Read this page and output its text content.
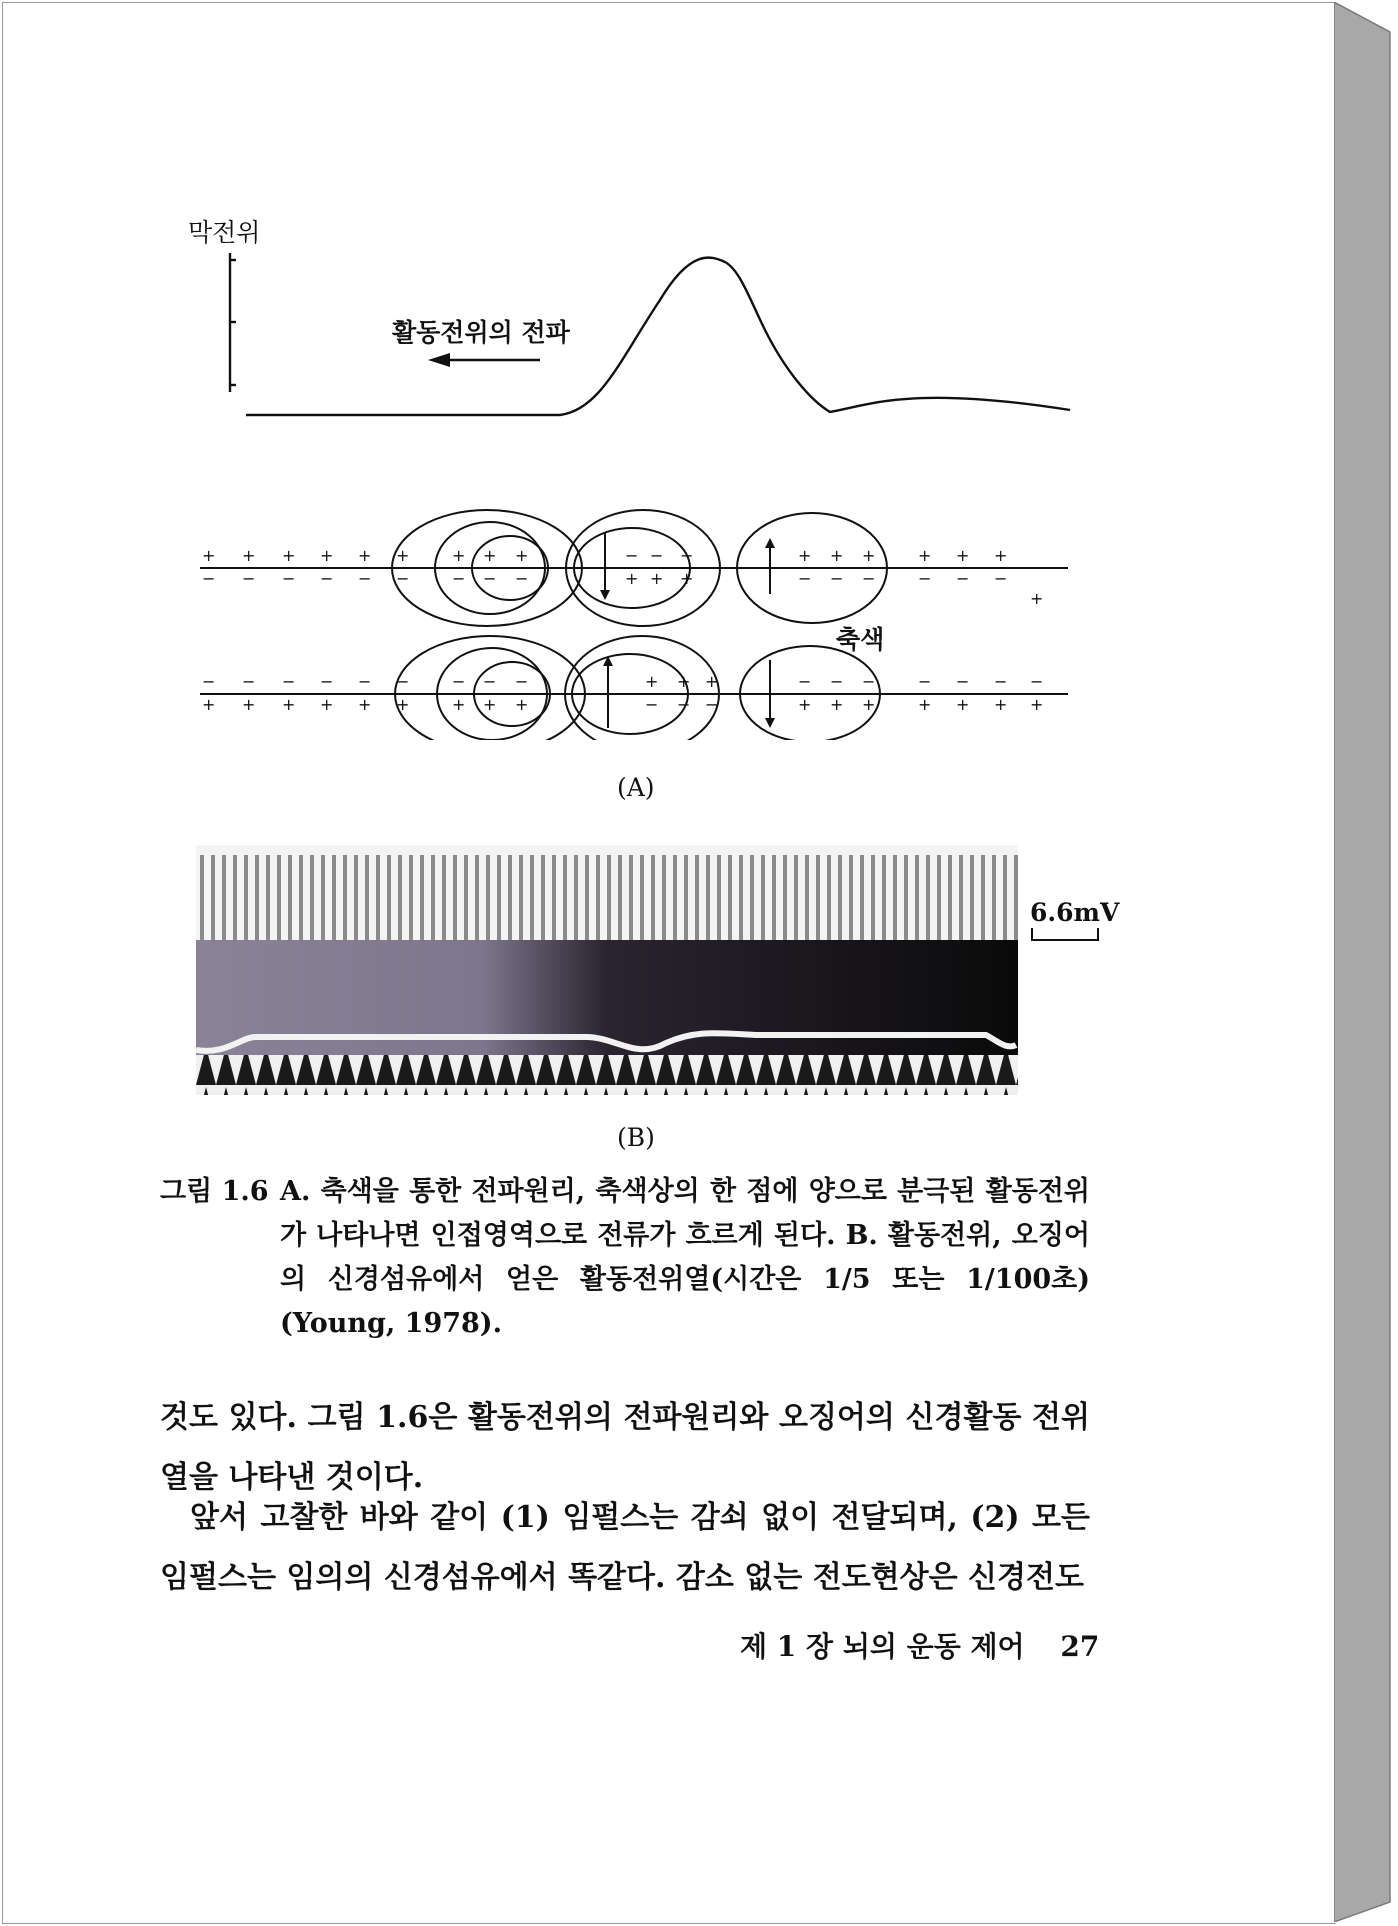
+ + + + + +
− − − − − −
+ + +
− − −
− − −
+ + +
+ + +
− − −
+ + +
− − −
+
− − − − − −
+ + + + + +
− − −
+ + +
+ + +
− − −
− − −
+ + +
− − − −
+ + + +
막전위
활동전위의 전파
축색
(A)
6.6mV
(B)
그림 1.6 A. 축색을 통한 전파원리, 축색상의 한 점에 양으로 분극된 활동전위가 나타나면 인접영역으로 전류가 흐르게 된다. B. 활동전위, 오징어의 신경섬유에서 얻은 활동전위열(시간은 1/5 또는 1/100초)(Young, 1978).
것도 있다. 그림 1.6은 활동전위의 전파원리와 오징어의 신경활동 전위열을 나타낸 것이다.
앞서 고찰한 바와 같이 (1) 임펄스는 감쇠 없이 전달되며, (2) 모든 임펄스는 임의의 신경섬유에서 똑같다. 감소 없는 전도현상은 신경전도
제 1 장 뇌의 운동 제어 27
